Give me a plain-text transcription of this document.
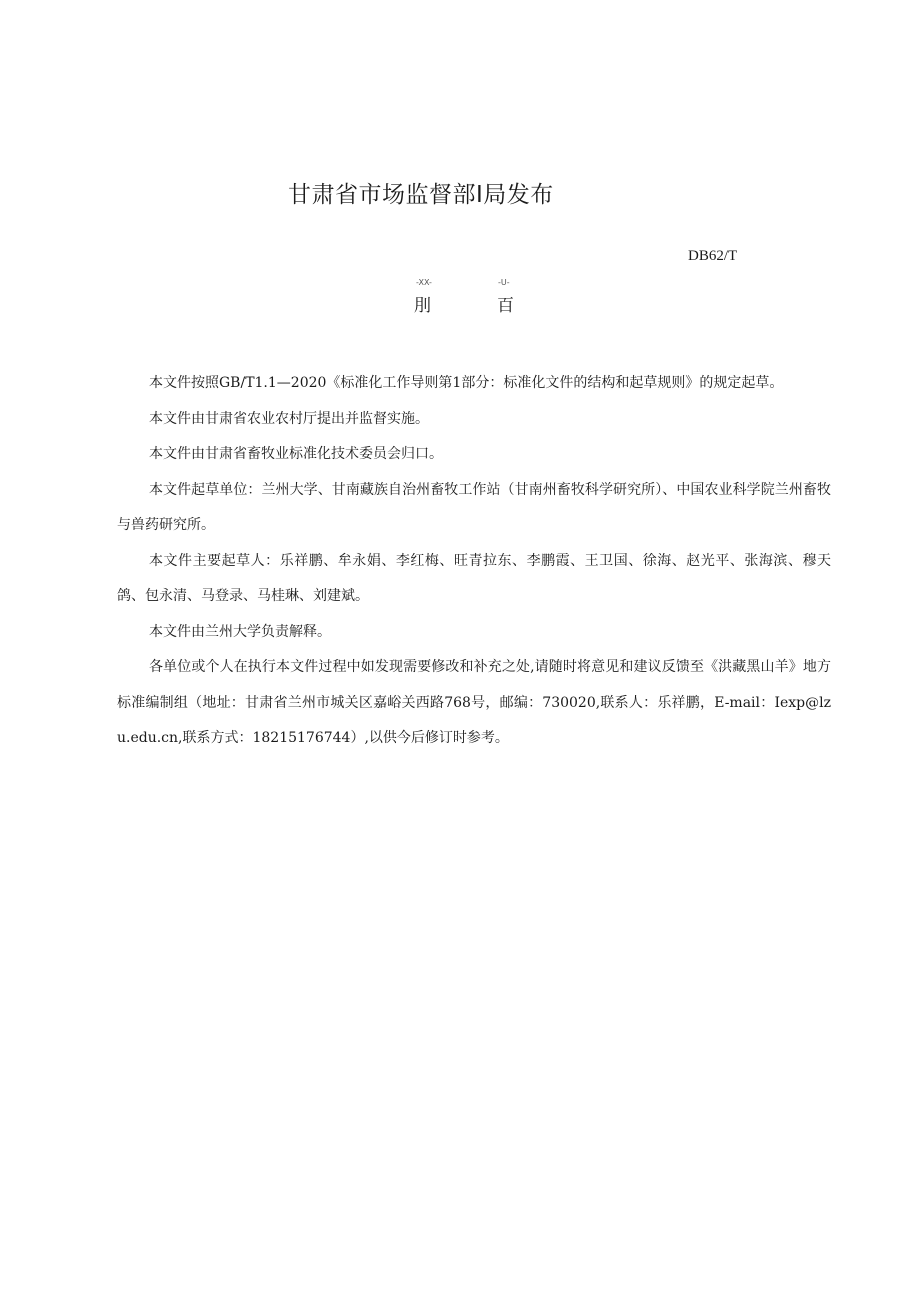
甘肃省市场监督部Ⅰ局发布
DB62/T
-XX-	-U-
刖	百

本文件按照GB/T1.1—2020《标准化工作导则第1部分：标准化文件的结构和起草规则》的规定起草。

本文件由甘肃省农业农村厅提出并监督实施。

本文件由甘肃省畜牧业标准化技术委员会归口。

本文件起草单位：兰州大学、甘南藏族自治州畜牧工作站（甘南州畜牧科学研究所）、中国农业科学院兰州畜牧与兽药研究所。

本文件主要起草人：乐祥鹏、牟永娟、李红梅、旺青拉东、李鹏霞、王卫国、徐海、赵光平、张海滨、穆天鸽、包永清、马登录、马桂琳、刘建斌。

本文件由兰州大学负责解释。

各单位或个人在执行本文件过程中如发现需要修改和补充之处,请随时将意见和建议反馈至《洪藏黑山羊》地方标准编制组（地址：甘肃省兰州市城关区嘉峪关西路768号，邮编：730020,联系人：乐祥鹏，E-mail：Iexp@lzu.edu.cn,联系方式：18215176744）,以供今后修订时参考。
